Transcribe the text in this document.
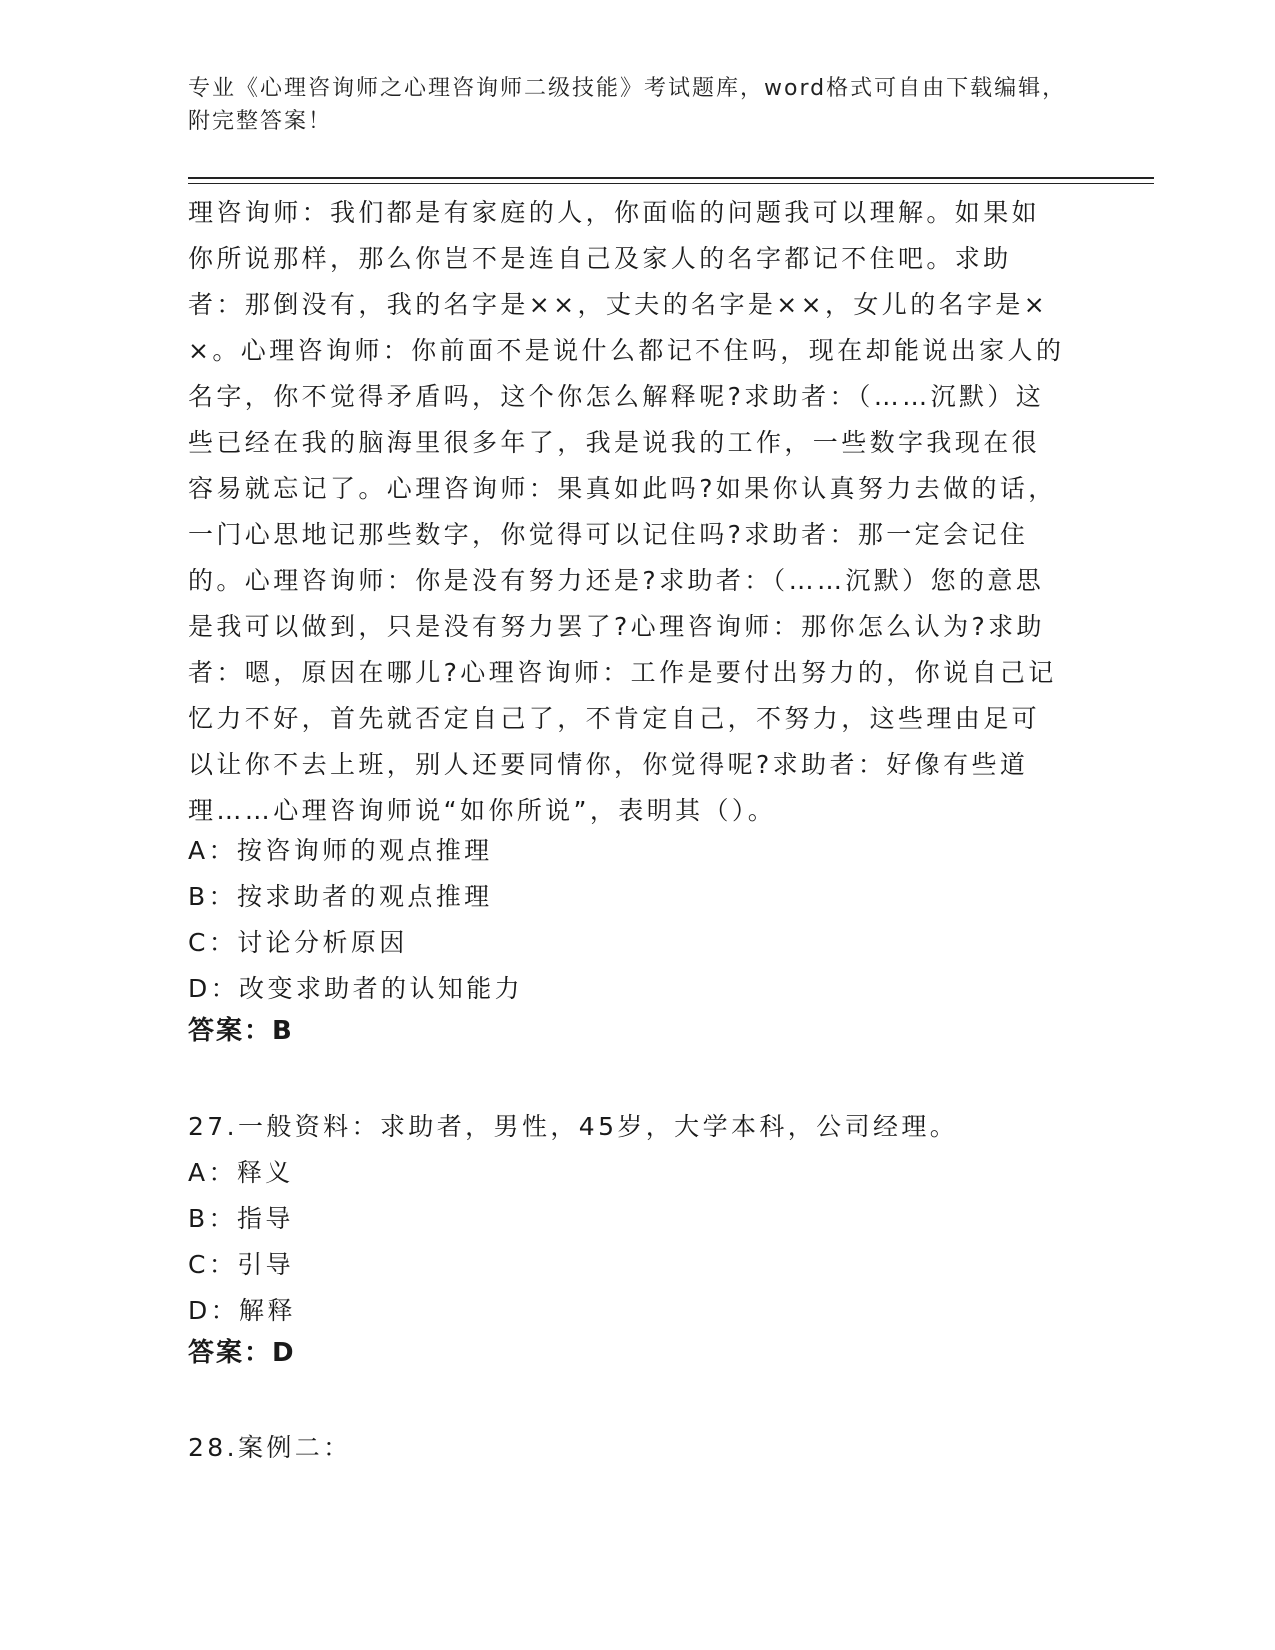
专业《心理咨询师之心理咨询师二级技能》考试题库，word格式可自由下载编辑，附完整答案！
理咨询师：我们都是有家庭的人，你面临的问题我可以理解。如果如你所说那样，那么你岂不是连自己及家人的名字都记不住吧。求助者：那倒没有，我的名字是××，丈夫的名字是××，女儿的名字是××。心理咨询师：你前面不是说什么都记不住吗，现在却能说出家人的名字，你不觉得矛盾吗，这个你怎么解释呢?求助者：（……沉默）这些已经在我的脑海里很多年了，我是说我的工作，一些数字我现在很容易就忘记了。心理咨询师：果真如此吗?如果你认真努力去做的话，一门心思地记那些数字，你觉得可以记住吗?求助者：那一定会记住的。心理咨询师：你是没有努力还是?求助者：（……沉默）您的意思是我可以做到，只是没有努力罢了?心理咨询师：那你怎么认为?求助者：嗯，原因在哪儿?心理咨询师：工作是要付出努力的，你说自己记忆力不好，首先就否定自己了，不肯定自己，不努力，这些理由足可以让你不去上班，别人还要同情你，你觉得呢?求助者：好像有些道理……心理咨询师说“如你所说”，表明其（）。
A：按咨询师的观点推理
B：按求助者的观点推理
C：讨论分析原因
D：改变求助者的认知能力
答案：B
27.一般资料：求助者，男性，45岁，大学本科，公司经理。
A：释义
B：指导
C：引导
D：解释
答案：D
28.案例二：
